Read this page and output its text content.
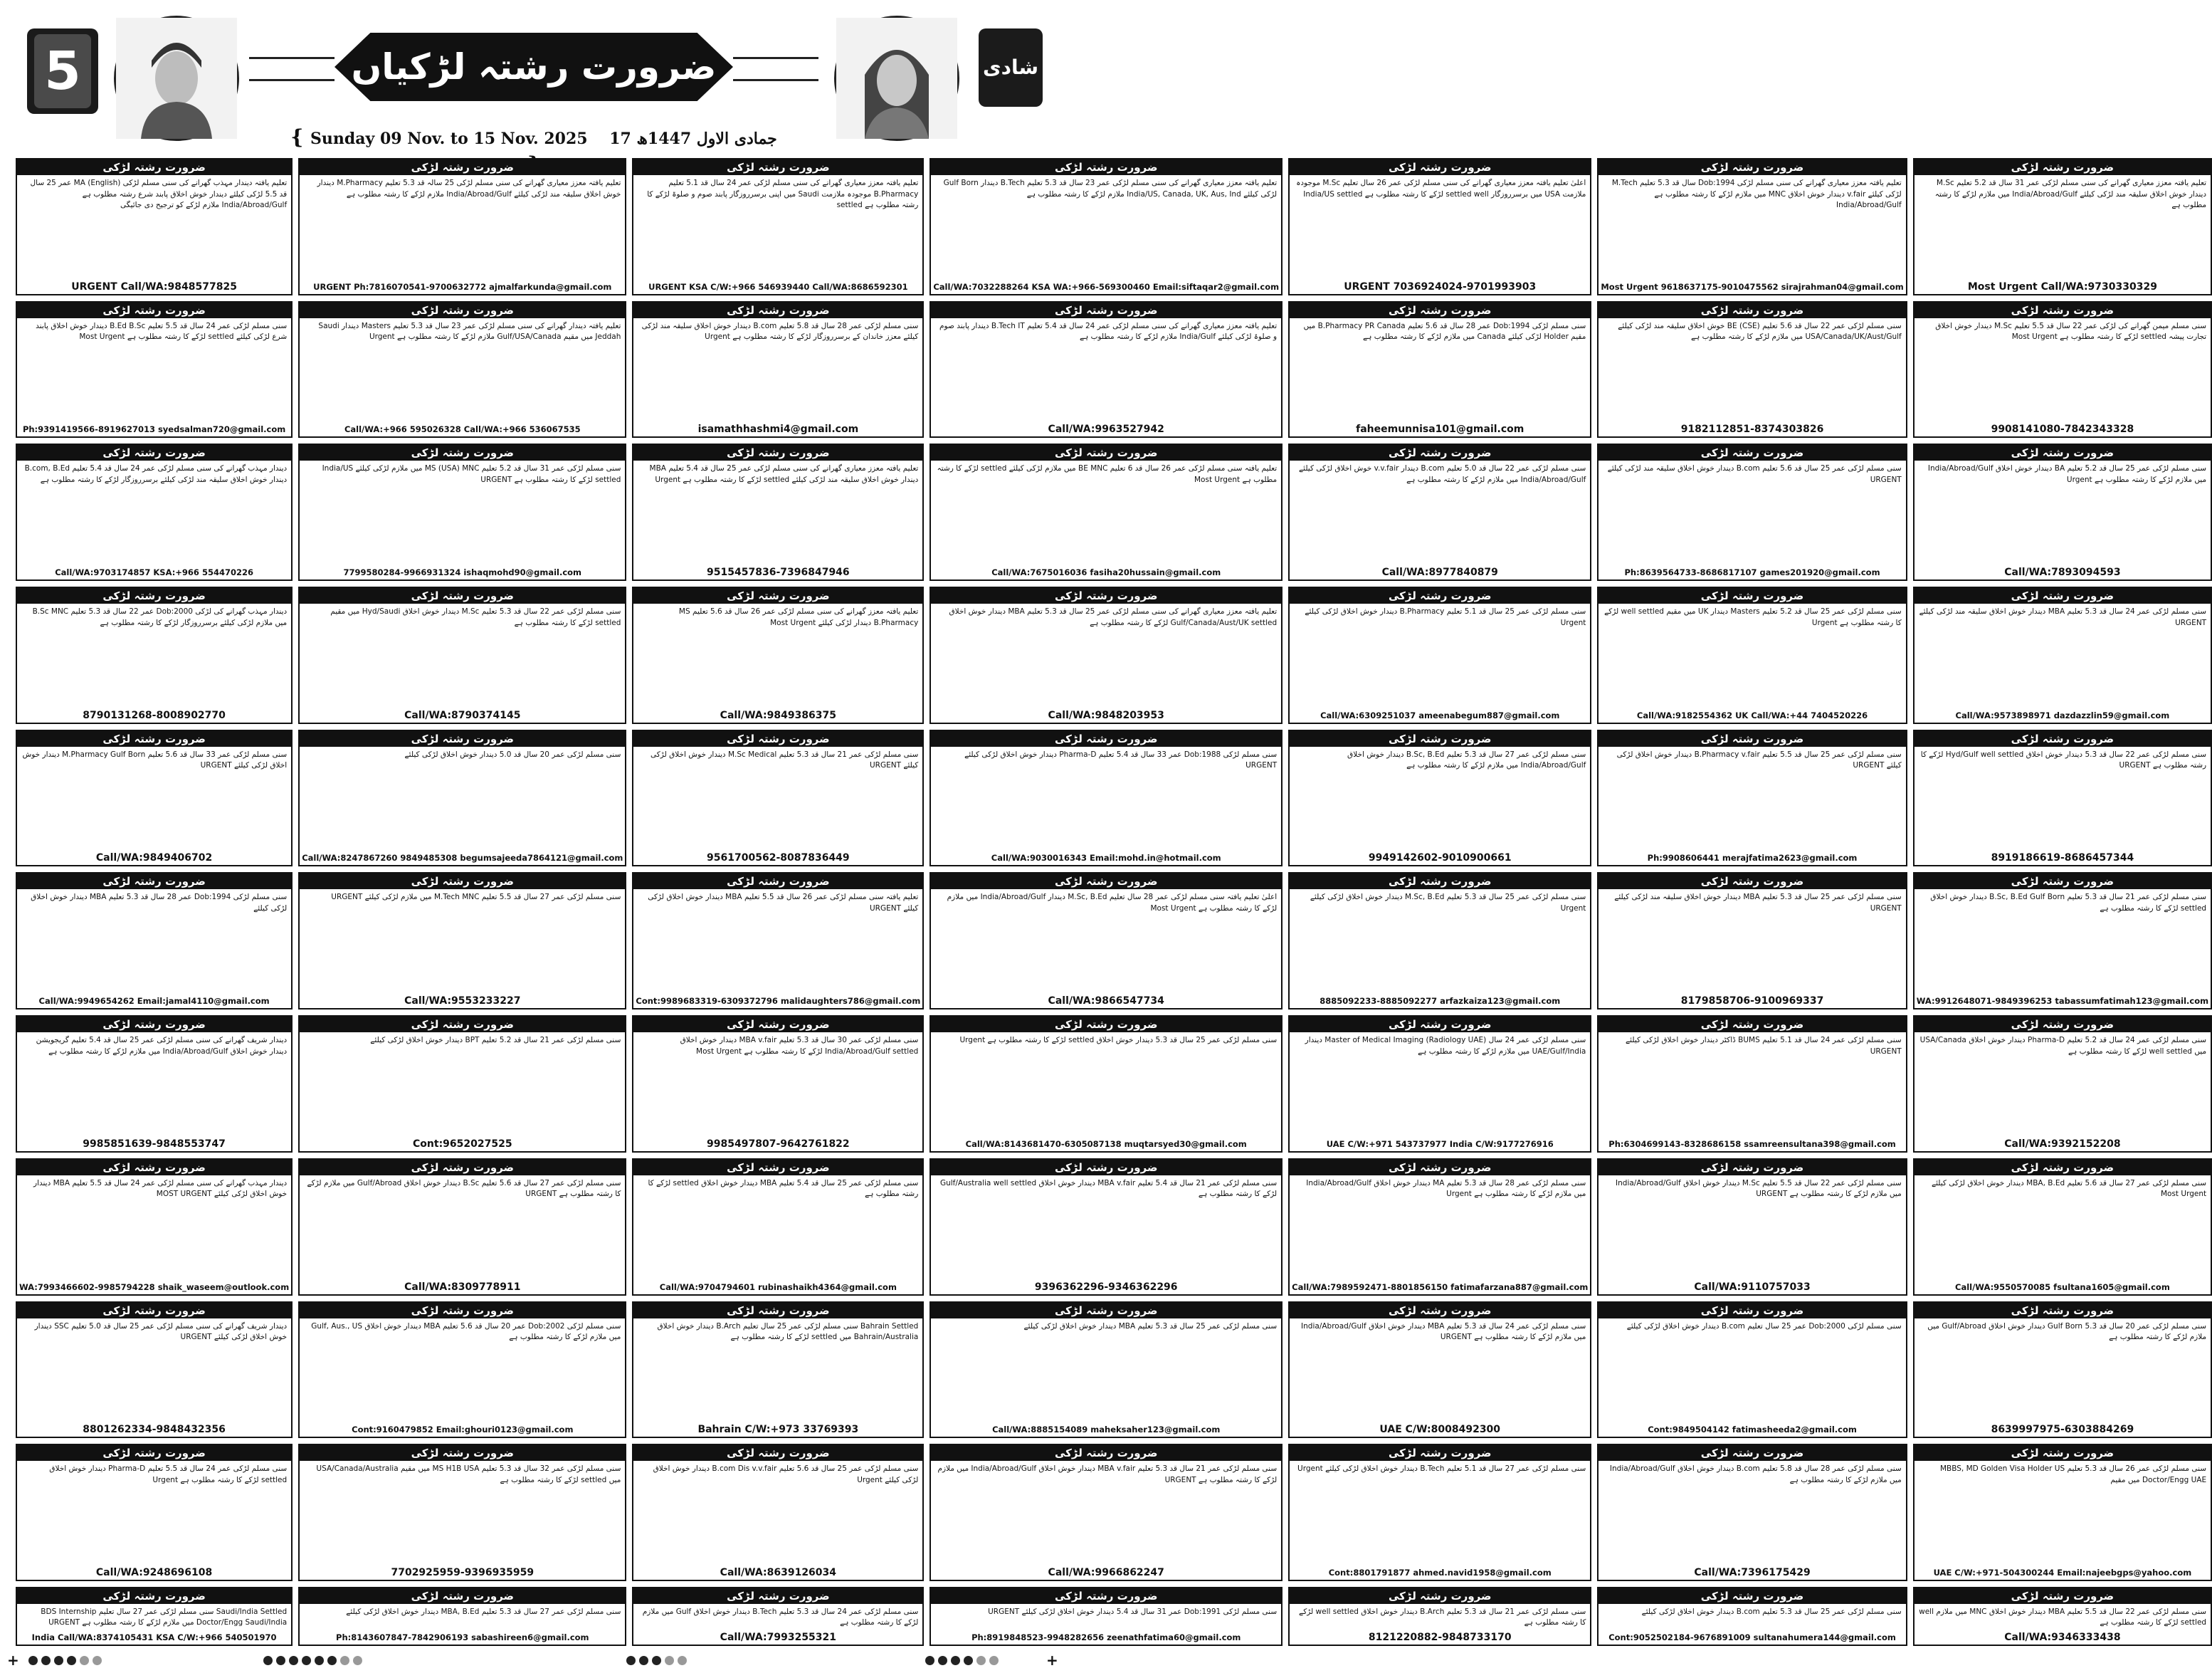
5	ضرورت رشتہ لڑکیاں	شادی مبارک
{ Sunday 09 Nov. to 15 Nov. 2025 17 جمادی الاول 1447ھ
ضرورت رشتہ لڑکی
تعلیم یافتہ دیندار مہذب گھرانے کی سنی مسلم لڑکی MA (English) عمر 25 سال قد 5.5 لڑکی کیلئے دیندار خوش اخلاق پابند شرع رشتہ مطلوب ہے India/Abroad/Gulf ملازم لڑکے کو ترجیح دی جائیگی
URGENT Call/WA:9848577825
ضرورت رشتہ لڑکی
تعلیم یافتہ معزز معیاری گھرانے کی سنی مسلم لڑکی 25 سالہ قد 5.3 تعلیم M.Pharmacy دیندار خوش اخلاق سلیقہ مند لڑکی کیلئے India/Abroad/Gulf ملازم لڑکے کا رشتہ مطلوب ہے
URGENT Ph:7816070541-9700632772 ajmalfarkunda@gmail.com
ضرورت رشتہ لڑکی
تعلیم یافتہ معزز معیاری گھرانے کی سنی مسلم لڑکی عمر 24 سال قد 5.1 تعلیم B.Pharmacy موجودہ ملازمت Saudi میں اپنی برسرروزگار پابند صوم و صلوۃ لڑکے کا رشتہ مطلوب ہے settled
URGENT KSA C/W:+966 546939440 Call/WA:8686592301
ضرورت رشتہ لڑکی
تعلیم یافتہ معزز معیاری گھرانے کی سنی مسلم لڑکی عمر 23 سال قد 5.3 تعلیم B.Tech دیندار Gulf Born لڑکی کیلئے India/US, Canada, UK, Aus, Ind ملازم لڑکے کا رشتہ مطلوب ہے
Call/WA:7032288264 KSA WA:+966-569300460 Email:siftaqar2@gmail.com
ضرورت رشتہ لڑکی
اعلیٰ تعلیم یافتہ معزز معیاری گھرانے کی سنی مسلم لڑکی عمر 26 سال تعلیم M.Sc موجودہ ملازمت USA میں برسرروزگار settled well لڑکے کا رشتہ مطلوب ہے India/US settled
URGENT 7036924024-9701993903
ضرورت رشتہ لڑکی
تعلیم یافتہ معزز معیاری گھرانے کی سنی مسلم لڑکی Dob:1994 سال قد 5.3 تعلیم M.Tech لڑکی کیلئے v.fair دیندار خوش اخلاق MNC میں ملازم لڑکے کا رشتہ مطلوب ہے India/Abroad/Gulf
Most Urgent 9618637175-9010475562 sirajrahman04@gmail.com
ضرورت رشتہ لڑکی
تعلیم یافتہ معزز معیاری گھرانے کی سنی مسلم لڑکی عمر 31 سال قد 5.2 تعلیم M.Sc دیندار خوش اخلاق سلیقہ مند لڑکی کیلئے India/Abroad/Gulf میں ملازم لڑکے کا رشتہ مطلوب ہے
Most Urgent Call/WA:9730330329
ضرورت رشتہ لڑکی
سنی مسلم لڑکی عمر 24 سال قد 5.5 تعلیم B.Ed B.Sc دیندار خوش اخلاق پابند شرع لڑکی کیلئے settled لڑکے کا رشتہ مطلوب ہے Most Urgent
Ph:9391419566-8919627013 syedsalman720@gmail.com
ضرورت رشتہ لڑکی
تعلیم یافتہ دیندار گھرانے کی سنی مسلم لڑکی عمر 23 سال قد 5.3 تعلیم Masters دیندار Saudi Jeddah میں مقیم Gulf/USA/Canada ملازم لڑکے کا رشتہ مطلوب ہے Urgent
Call/WA:+966 595026328 Call/WA:+966 536067535
ضرورت رشتہ لڑکی
سنی مسلم لڑکی عمر 28 سال قد 5.8 تعلیم B.com دیندار خوش اخلاق سلیقہ مند لڑکی کیلئے معزز خاندان کے برسرروزگار لڑکے کا رشتہ مطلوب ہے Urgent
isamathhashmi4@gmail.com
ضرورت رشتہ لڑکی
تعلیم یافتہ معزز معیاری گھرانے کی سنی مسلم لڑکی عمر 24 سال قد 5.4 تعلیم B.Tech IT دیندار پابند صوم و صلوۃ لڑکی کیلئے India/Gulf ملازم لڑکے کا رشتہ مطلوب ہے
Call/WA:9963527942
ضرورت رشتہ لڑکی
سنی مسلم لڑکی Dob:1994 عمر 28 سال قد 5.6 تعلیم B.Pharmacy PR Canada میں مقیم Holder لڑکی کیلئے Canada میں ملازم لڑکے کا رشتہ مطلوب ہے
faheemunnisa101@gmail.com
ضرورت رشتہ لڑکی
سنی مسلم لڑکی عمر 22 سال قد 5.6 تعلیم BE (CSE) خوش اخلاق سلیقہ مند لڑکی کیلئے USA/Canada/UK/Aust/Gulf میں ملازم لڑکے کا رشتہ مطلوب ہے
9182112851-8374303826
ضرورت رشتہ لڑکی
سنی مسلم میمن گھرانے کی لڑکی عمر 22 سال قد 5.5 تعلیم M.Sc دیندار خوش اخلاق تجارت پیشہ settled لڑکے کا رشتہ مطلوب ہے Most Urgent
9908141080-7842343328
ضرورت رشتہ لڑکی
دیندار مہذب گھرانے کی سنی مسلم لڑکی عمر 24 سال قد 5.4 تعلیم B.com, B.Ed دیندار خوش اخلاق سلیقہ مند لڑکی کیلئے برسرروزگار لڑکے کا رشتہ مطلوب ہے
Call/WA:9703174857 KSA:+966 554470226
ضرورت رشتہ لڑکی
سنی مسلم لڑکی عمر 31 سال قد 5.2 تعلیم MS (USA) MNC میں ملازم لڑکی کیلئے India/US settled لڑکے کا رشتہ مطلوب ہے URGENT
7799580284-9966931324 ishaqmohd90@gmail.com
ضرورت رشتہ لڑکی
تعلیم یافتہ معزز معیاری گھرانے کی سنی مسلم لڑکی عمر 25 سال قد 5.4 تعلیم MBA دیندار خوش اخلاق سلیقہ مند لڑکی کیلئے settled لڑکے کا رشتہ مطلوب ہے Urgent
9515457836-7396847946
ضرورت رشتہ لڑکی
تعلیم یافتہ سنی مسلم لڑکی عمر 26 سال قد 6 تعلیم BE MNC میں ملازم لڑکی کیلئے settled لڑکے کا رشتہ مطلوب ہے Most Urgent
Call/WA:7675016036 fasiha20hussain@gmail.com
ضرورت رشتہ لڑکی
سنی مسلم لڑکی عمر 22 سال قد 5.0 تعلیم B.com دیندار v.v.fair خوش اخلاق لڑکی کیلئے India/Abroad/Gulf میں ملازم لڑکے کا رشتہ مطلوب ہے
Call/WA:8977840879
ضرورت رشتہ لڑکی
سنی مسلم لڑکی عمر 25 سال قد 5.6 تعلیم B.com دیندار خوش اخلاق سلیقہ مند لڑکی کیلئے URGENT
Ph:8639564733-8686817107 games201920@gmail.com
ضرورت رشتہ لڑکی
سنی مسلم لڑکی عمر 25 سال قد 5.2 تعلیم BA دیندار خوش اخلاق India/Abroad/Gulf میں ملازم لڑکے کا رشتہ مطلوب ہے Urgent
Call/WA:7893094593
ضرورت رشتہ لڑکی
دیندار مہذب گھرانے کی لڑکی Dob:2000 عمر 22 سال قد 5.3 تعلیم B.Sc MNC میں ملازم لڑکی کیلئے برسرروزگار لڑکے کا رشتہ مطلوب ہے
8790131268-8008902770
ضرورت رشتہ لڑکی
سنی مسلم لڑکی عمر 22 سال قد 5.3 تعلیم M.Sc دیندار خوش اخلاق Hyd/Saudi میں مقیم settled لڑکے کا رشتہ مطلوب ہے
Call/WA:8790374145
ضرورت رشتہ لڑکی
تعلیم یافتہ معزز گھرانے کی سنی مسلم لڑکی عمر 26 سال قد 5.6 تعلیم MS B.Pharmacy دیندار لڑکی کیلئے Most Urgent
Call/WA:9849386375
ضرورت رشتہ لڑکی
تعلیم یافتہ معزز معیاری گھرانے کی سنی مسلم لڑکی عمر 25 سال قد 5.3 تعلیم MBA دیندار خوش اخلاق Gulf/Canada/Aust/UK settled لڑکے کا رشتہ مطلوب ہے
Call/WA:9848203953
ضرورت رشتہ لڑکی
سنی مسلم لڑکی عمر 25 سال قد 5.1 تعلیم B.Pharmacy دیندار خوش اخلاق لڑکی کیلئے Urgent
Call/WA:6309251037 ameenabegum887@gmail.com
ضرورت رشتہ لڑکی
سنی مسلم لڑکی عمر 25 سال قد 5.2 تعلیم Masters دیندار UK میں مقیم well settled لڑکے کا رشتہ مطلوب ہے Urgent
Call/WA:9182554362 UK Call/WA:+44 7404520226
ضرورت رشتہ لڑکی
سنی مسلم لڑکی عمر 24 سال قد 5.3 تعلیم MBA دیندار خوش اخلاق سلیقہ مند لڑکی کیلئے URGENT
Call/WA:9573898971 dazdazzlin59@gmail.com
ضرورت رشتہ لڑکی
سنی مسلم لڑکی عمر 33 سال قد 5.6 تعلیم M.Pharmacy Gulf Born دیندار خوش اخلاق لڑکی کیلئے URGENT
Call/WA:9849406702
ضرورت رشتہ لڑکی
سنی مسلم لڑکی عمر 20 سال قد 5.0 دیندار خوش اخلاق لڑکی کیلئے
Call/WA:8247867260 9849485308 begumsajeeda7864121@gmail.com
ضرورت رشتہ لڑکی
سنی مسلم لڑکی عمر 21 سال قد 5.3 تعلیم M.Sc Medical دیندار خوش اخلاق لڑکی کیلئے URGENT
9561700562-8087836449
ضرورت رشتہ لڑکی
سنی مسلم لڑکی Dob:1988 عمر 33 سال قد 5.4 تعلیم Pharma-D دیندار خوش اخلاق لڑکی کیلئے URGENT
Call/WA:9030016343 Email:mohd.in@hotmail.com
ضرورت رشتہ لڑکی
سنی مسلم لڑکی عمر 27 سال قد 5.3 تعلیم B.Sc, B.Ed دیندار خوش اخلاق India/Abroad/Gulf میں ملازم لڑکے کا رشتہ مطلوب ہے
9949142602-9010900661
ضرورت رشتہ لڑکی
سنی مسلم لڑکی عمر 25 سال قد 5.5 تعلیم B.Pharmacy v.fair دیندار خوش اخلاق لڑکی کیلئے URGENT
Ph:9908606441 merajfatima2623@gmail.com
ضرورت رشتہ لڑکی
سنی مسلم لڑکی عمر 22 سال قد 5.3 دیندار خوش اخلاق Hyd/Gulf well settled لڑکے کا رشتہ مطلوب ہے URGENT
8919186619-8686457344
ضرورت رشتہ لڑکی
سنی مسلم لڑکی Dob:1994 عمر 28 سال قد 5.3 تعلیم MBA دیندار خوش اخلاق لڑکی کیلئے
Call/WA:9949654262 Email:jamal4110@gmail.com
ضرورت رشتہ لڑکی
سنی مسلم لڑکی عمر 27 سال قد 5.5 تعلیم M.Tech MNC میں ملازم لڑکی کیلئے URGENT
Call/WA:9553233227
ضرورت رشتہ لڑکی
تعلیم یافتہ سنی مسلم لڑکی عمر 26 سال قد 5.5 تعلیم MBA دیندار خوش اخلاق لڑکی کیلئے URGENT
Cont:9989683319-6309372796 malidaughters786@gmail.com
ضرورت رشتہ لڑکی
اعلیٰ تعلیم یافتہ سنی مسلم لڑکی عمر 28 سال تعلیم M.Sc, B.Ed دیندار India/Abroad/Gulf میں ملازم لڑکے کا رشتہ مطلوب ہے Most Urgent
Call/WA:9866547734
ضرورت رشتہ لڑکی
سنی مسلم لڑکی عمر 25 سال قد 5.3 تعلیم M.Sc, B.Ed دیندار خوش اخلاق لڑکی کیلئے Urgent
8885092233-8885092277 arfazkaiza123@gmail.com
ضرورت رشتہ لڑکی
سنی مسلم لڑکی عمر 25 سال قد 5.3 تعلیم MBA دیندار خوش اخلاق سلیقہ مند لڑکی کیلئے URGENT
8179858706-9100969337
ضرورت رشتہ لڑکی
سنی مسلم لڑکی عمر 21 سال قد 5.3 تعلیم B.Sc, B.Ed Gulf Born دیندار خوش اخلاق settled لڑکے کا رشتہ مطلوب ہے
WA:9912648071-9849396253 tabassumfatimah123@gmail.com
ضرورت رشتہ لڑکی
دیندار شریف گھرانے کی سنی مسلم لڑکی عمر 25 سال قد 5.4 تعلیم گریجویشن دیندار خوش اخلاق India/Abroad/Gulf میں ملازم لڑکے کا رشتہ مطلوب ہے
9985851639-9848553747
ضرورت رشتہ لڑکی
سنی مسلم لڑکی عمر 21 سال قد 5.2 تعلیم BPT دیندار خوش اخلاق لڑکی کیلئے
Cont:9652027525
ضرورت رشتہ لڑکی
سنی مسلم لڑکی عمر 30 سال قد 5.3 تعلیم MBA v.fair دیندار خوش اخلاق India/Abroad/Gulf settled لڑکے کا رشتہ مطلوب ہے Most Urgent
9985497807-9642761822
ضرورت رشتہ لڑکی
سنی مسلم لڑکی عمر 25 سال قد 5.3 دیندار خوش اخلاق settled لڑکے کا رشتہ مطلوب ہے Urgent
Call/WA:8143681470-6305087138 muqtarsyed30@gmail.com
ضرورت رشتہ لڑکی
سنی مسلم لڑکی عمر 24 سال Master of Medical Imaging (Radiology UAE) دیندار UAE/Gulf/India میں ملازم لڑکے کا رشتہ مطلوب ہے
UAE C/W:+971 543737977 India C/W:9177276916
ضرورت رشتہ لڑکی
سنی مسلم لڑکی عمر 24 سال قد 5.1 تعلیم BUMS ڈاکٹر دیندار خوش اخلاق لڑکی کیلئے URGENT
Ph:6304699143-8328686158 ssamreensultana398@gmail.com
ضرورت رشتہ لڑکی
سنی مسلم لڑکی عمر 24 سال قد 5.2 تعلیم Pharma-D دیندار خوش اخلاق USA/Canada میں well settled لڑکے کا رشتہ مطلوب ہے
Call/WA:9392152208
ضرورت رشتہ لڑکی
دیندار مہذب گھرانے کی سنی مسلم لڑکی عمر 24 سال قد 5.5 تعلیم MBA دیندار خوش اخلاق لڑکی کیلئے MOST URGENT
WA:7993466602-9985794228 shaik_waseem@outlook.com
ضرورت رشتہ لڑکی
سنی مسلم لڑکی عمر 27 سال قد 5.6 تعلیم B.Sc دیندار خوش اخلاق Gulf/Abroad میں ملازم لڑکے کا رشتہ مطلوب ہے URGENT
Call/WA:8309778911
ضرورت رشتہ لڑکی
سنی مسلم لڑکی عمر 25 سال قد 5.4 تعلیم MBA دیندار خوش اخلاق settled لڑکے کا رشتہ مطلوب ہے
Call/WA:9704794601 rubinashaikh4364@gmail.com
ضرورت رشتہ لڑکی
سنی مسلم لڑکی عمر 21 سال قد 5.4 تعلیم MBA v.fair دیندار خوش اخلاق Gulf/Australia well settled لڑکے کا رشتہ مطلوب ہے
9396362296-9346362296
ضرورت رشتہ لڑکی
سنی مسلم لڑکی عمر 28 سال قد 5.3 تعلیم MA دیندار خوش اخلاق India/Abroad/Gulf میں ملازم لڑکے کا رشتہ مطلوب ہے Urgent
Call/WA:7989592471-8801856150 fatimafarzana887@gmail.com
ضرورت رشتہ لڑکی
سنی مسلم لڑکی عمر 22 سال قد 5.5 تعلیم M.Sc دیندار خوش اخلاق India/Abroad/Gulf میں ملازم لڑکے کا رشتہ مطلوب ہے URGENT
Call/WA:9110757033
ضرورت رشتہ لڑکی
سنی مسلم لڑکی عمر 27 سال قد 5.6 تعلیم MBA, B.Ed دیندار خوش اخلاق لڑکی کیلئے Most Urgent
Call/WA:9550570085 fsultana1605@gmail.com
ضرورت رشتہ لڑکی
دیندار شریف گھرانے کی سنی مسلم لڑکی عمر 25 سال قد 5.0 تعلیم SSC دیندار خوش اخلاق لڑکی کیلئے URGENT
8801262334-9848432356
ضرورت رشتہ لڑکی
سنی مسلم لڑکی Dob:2002 عمر 20 سال قد 5.6 تعلیم MBA دیندار خوش اخلاق Gulf, Aus., US میں ملازم لڑکے کا رشتہ مطلوب ہے
Cont:9160479852 Email:ghouri0123@gmail.com
ضرورت رشتہ لڑکی
Bahrain Settled سنی مسلم لڑکی عمر 25 سال تعلیم B.Arch دیندار خوش اخلاق Bahrain/Australia میں settled لڑکے کا رشتہ مطلوب ہے
Bahrain C/W:+973 33769393
ضرورت رشتہ لڑکی
سنی مسلم لڑکی عمر 25 سال قد 5.3 تعلیم MBA دیندار خوش اخلاق لڑکی کیلئے
Call/WA:8885154089 maheksaher123@gmail.com
ضرورت رشتہ لڑکی
سنی مسلم لڑکی عمر 24 سال قد 5.3 تعلیم MBA دیندار خوش اخلاق India/Abroad/Gulf میں ملازم لڑکے کا رشتہ مطلوب ہے URGENT
UAE C/W:8008492300
ضرورت رشتہ لڑکی
سنی مسلم لڑکی Dob:2000 عمر 25 سال تعلیم B.com دیندار خوش اخلاق لڑکی کیلئے
Cont:9849504142 fatimasheeda2@gmail.com
ضرورت رشتہ لڑکی
سنی مسلم لڑکی عمر 20 سال قد 5.3 Gulf Born دیندار خوش اخلاق Gulf/Abroad میں ملازم لڑکے کا رشتہ مطلوب ہے
8639997975-6303884269
ضرورت رشتہ لڑکی
سنی مسلم لڑکی عمر 24 سال قد 5.5 تعلیم Pharma-D دیندار خوش اخلاق settled لڑکے کا رشتہ مطلوب ہے Urgent
Call/WA:9248696108
ضرورت رشتہ لڑکی
سنی مسلم لڑکی عمر 32 سال قد 5.3 تعلیم MS H1B USA میں مقیم USA/Canada/Australia میں settled لڑکے کا رشتہ مطلوب ہے
7702925959-9396935959
ضرورت رشتہ لڑکی
سنی مسلم لڑکی عمر 25 سال قد 5.6 تعلیم B.com Dis v.v.fair دیندار خوش اخلاق لڑکی کیلئے Urgent
Call/WA:8639126034
ضرورت رشتہ لڑکی
سنی مسلم لڑکی عمر 21 سال قد 5.3 تعلیم MBA v.fair دیندار خوش اخلاق India/Abroad/Gulf میں ملازم لڑکے کا رشتہ مطلوب ہے URGENT
Call/WA:9966862247
ضرورت رشتہ لڑکی
سنی مسلم لڑکی عمر 27 سال قد 5.1 تعلیم B.Tech دیندار خوش اخلاق لڑکی کیلئے Urgent
Cont:8801791877 ahmed.navid1958@gmail.com
ضرورت رشتہ لڑکی
سنی مسلم لڑکی عمر 28 سال قد 5.8 تعلیم B.com دیندار خوش اخلاق India/Abroad/Gulf میں ملازم لڑکے کا رشتہ مطلوب ہے
Call/WA:7396175429
ضرورت رشتہ لڑکی
سنی مسلم لڑکی عمر 26 سال قد 5.3 تعلیم MBBS, MD Golden Visa Holder US Doctor/Engg UAE میں مقیم
UAE C/W:+971-504300244 Email:najeebgps@yahoo.com
ضرورت رشتہ لڑکی
Saudi/India Settled سنی مسلم لڑکی عمر 27 سال تعلیم BDS Internship Doctor/Engg Saudi/India میں ملازم لڑکے کا رشتہ مطلوب ہے URGENT
India Call/WA:8374105431 KSA C/W:+966 540501970
ضرورت رشتہ لڑکی
سنی مسلم لڑکی عمر 27 سال قد 5.3 تعلیم MBA, B.Ed دیندار خوش اخلاق لڑکی کیلئے
Ph:8143607847-7842906193 sabashireen6@gmail.com
ضرورت رشتہ لڑکی
سنی مسلم لڑکی عمر 24 سال قد 5.3 تعلیم B.Tech دیندار خوش اخلاق Gulf میں ملازم لڑکے کا رشتہ مطلوب ہے
Call/WA:7993255321
ضرورت رشتہ لڑکی
سنی مسلم لڑکی Dob:1991 عمر 31 سال قد 5.4 دیندار خوش اخلاق لڑکی کیلئے URGENT
Ph:8919848523-9948282656 zeenathfatima60@gmail.com
ضرورت رشتہ لڑکی
سنی مسلم لڑکی عمر 21 سال قد 5.3 تعلیم B.Arch دیندار خوش اخلاق well settled لڑکے کا رشتہ مطلوب ہے
8121220882-9848733170
ضرورت رشتہ لڑکی
سنی مسلم لڑکی عمر 25 سال قد 5.3 تعلیم B.com دیندار خوش اخلاق لڑکی کیلئے
Cont:9052502184-9676891009 sultanahumera144@gmail.com
ضرورت رشتہ لڑکی
سنی مسلم لڑکی عمر 22 سال قد 5.5 تعلیم MBA دیندار خوش اخلاق MNC میں ملازم well settled لڑکے کا رشتہ مطلوب ہے
Call/WA:9346333438
+	+
